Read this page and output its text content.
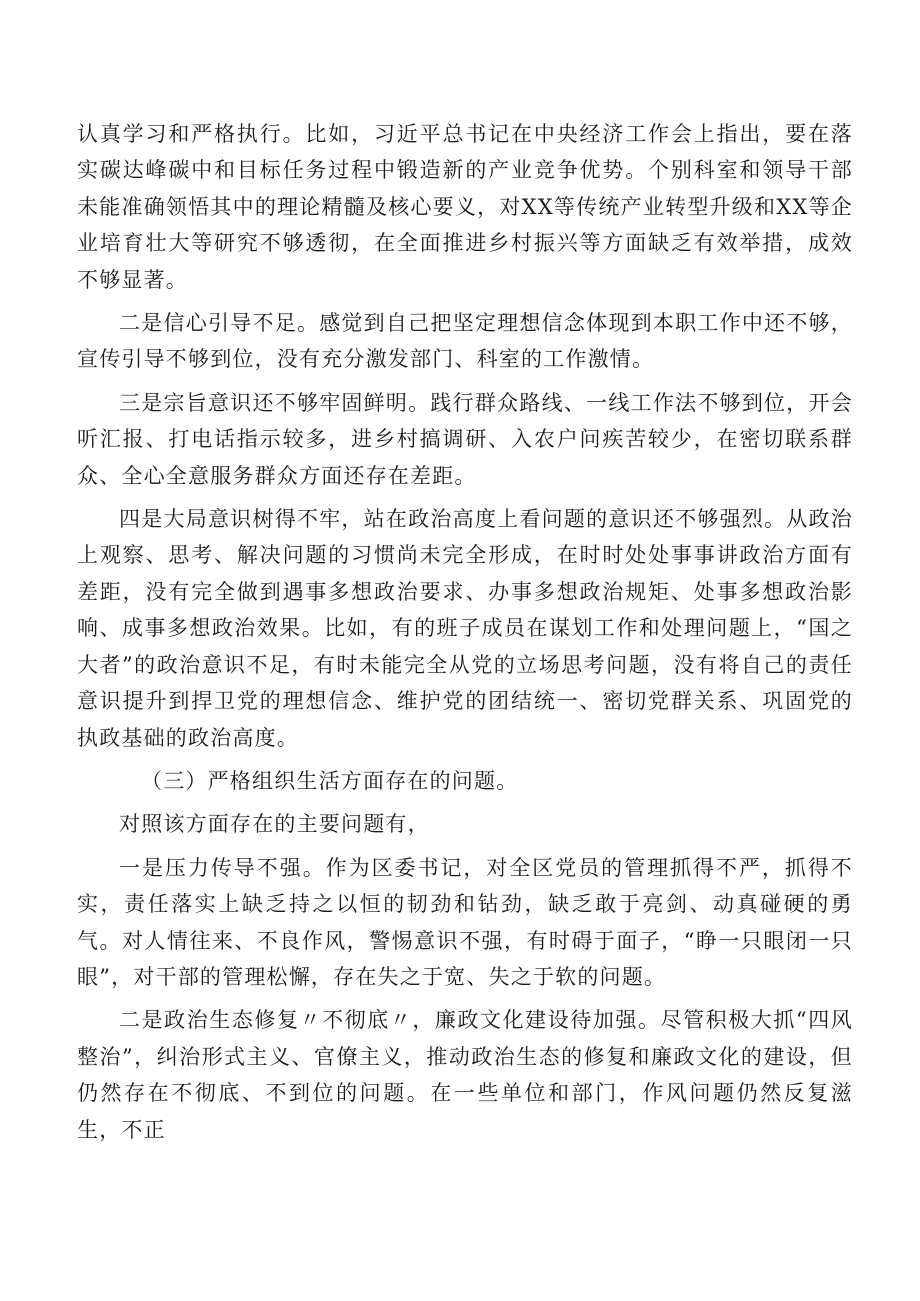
认真学习和严格执行。比如，习近平总书记在中央经济工作会上指出，要在落实碳达峰碳中和目标任务过程中锻造新的产业竞争优势。个别科室和领导干部未能准确领悟其中的理论精髓及核心要义，对XX等传统产业转型升级和XX等企业培育壮大等研究不够透彻，在全面推进乡村振兴等方面缺乏有效举措，成效不够显著。

二是信心引导不足。感觉到自己把坚定理想信念体现到本职工作中还不够，宣传引导不够到位，没有充分激发部门、科室的工作激情。

三是宗旨意识还不够牢固鲜明。践行群众路线、一线工作法不够到位，开会听汇报、打电话指示较多，进乡村搞调研、入农户问疾苦较少，在密切联系群众、全心全意服务群众方面还存在差距。

四是大局意识树得不牢，站在政治高度上看问题的意识还不够强烈。从政治上观察、思考、解决问题的习惯尚未完全形成，在时时处处事事讲政治方面有差距，没有完全做到遇事多想政治要求、办事多想政治规矩、处事多想政治影响、成事多想政治效果。比如，有的班子成员在谋划工作和处理问题上，“国之大者”的政治意识不足，有时未能完全从党的立场思考问题，没有将自己的责任意识提升到捍卫党的理想信念、维护党的团结统一、密切党群关系、巩固党的执政基础的政治高度。

（三）严格组织生活方面存在的问题。

对照该方面存在的主要问题有，

一是压力传导不强。作为区委书记，对全区党员的管理抓得不严，抓得不实，责任落实上缺乏持之以恒的韧劲和钻劲，缺乏敢于亮剑、动真碰硬的勇气。对人情往来、不良作风，警惕意识不强，有时碍于面子，“睁一只眼闭一只眼”，对干部的管理松懈，存在失之于宽、失之于软的问题。

二是政治生态修复〃不彻底〃，廉政文化建设待加强。尽管积极大抓“四风整治”，纠治形式主义、官僚主义，推动政治生态的修复和廉政文化的建设，但仍然存在不彻底、不到位的问题。在一些单位和部门，作风问题仍然反复滋生，不正
